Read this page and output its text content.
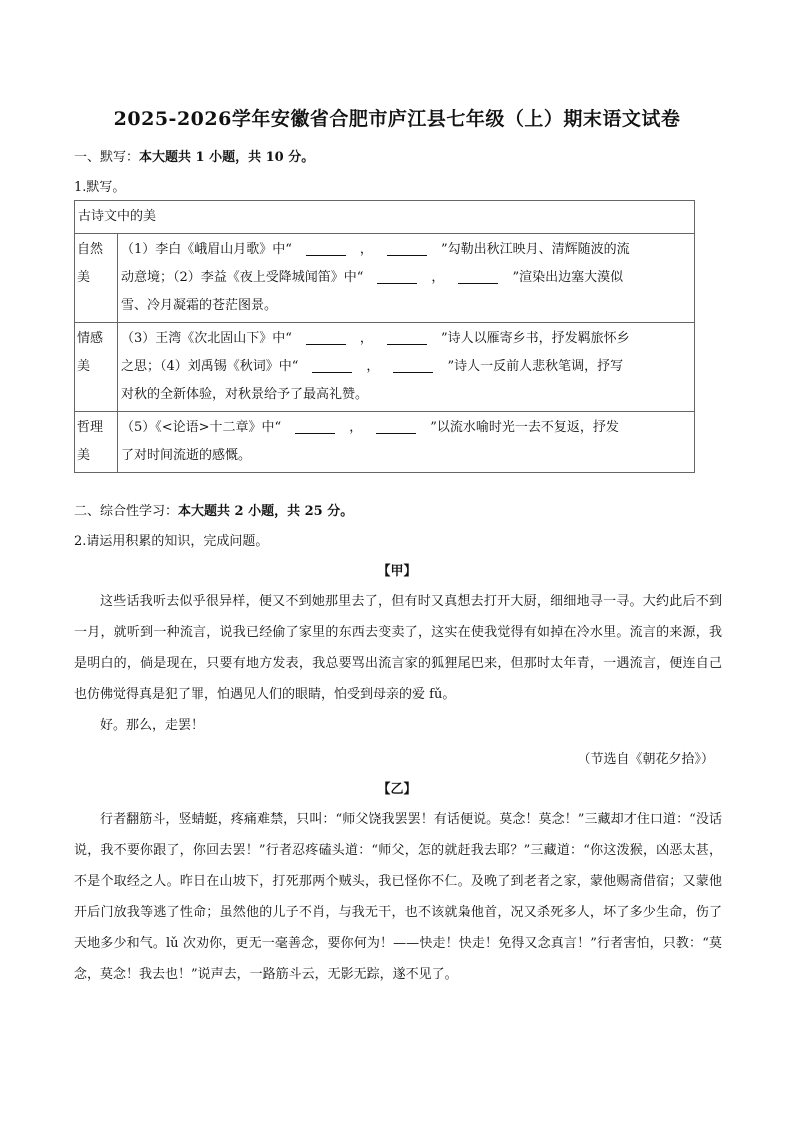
2025-2026学年安徽省合肥市庐江县七年级（上）期末语文试卷
一、默写：本大题共 1 小题，共 10 分。
1.默写。
古诗文中的美	
自然美	（1）李白《峨眉山月歌》中“ ， ”勾勒出秋江映月、清辉随波的流
动意境；（2）李益《夜上受降城闻笛》中“ ， ”渲染出边塞大漠似
雪、冷月凝霜的苍茫图景。

情感美	（3）王湾《次北固山下》中“ ， ”诗人以雁寄乡书，抒发羁旅怀乡
之思；（4）刘禹锡《秋词》中“ ， ”诗人一反前人悲秋笔调，抒写
对秋的全新体验，对秋景给予了最高礼赞。

哲理美	（5）《<论语>十二章》中“ ， ”以流水喻时光一去不复返，抒发
了对时间流逝的感慨。
二、综合性学习：本大题共 2 小题，共 25 分。
2.请运用积累的知识，完成问题。
【甲】
这些话我听去似乎很异样，便又不到她那里去了，但有时又真想去打开大厨，细细地寻一寻。大约此后不到一月，就听到一种流言，说我已经偷了家里的东西去变卖了，这实在使我觉得有如掉在冷水里。流言的来源，我是明白的，倘是现在，只要有地方发表，我总要骂出流言家的狐狸尾巴来，但那时太年青，一遇流言，便连自己也仿佛觉得真是犯了罪，怕遇见人们的眼睛，怕受到母亲的爱 fǔ。
好。那么，走罢！
（节选自《朝花夕拾》）
【乙】
行者翻筋斗，竖蜻蜓，疼痛难禁，只叫：“师父饶我罢罢！有话便说。莫念！莫念！”三藏却才住口道：“没话说，我不要你跟了，你回去罢！”行者忍疼磕头道：“师父，怎的就赶我去耶？”三藏道：“你这泼猴，凶恶太甚，不是个取经之人。昨日在山坡下，打死那两个贼头，我已怪你不仁。及晚了到老者之家，蒙他赐斋借宿；又蒙他开后门放我等逃了性命；虽然他的儿子不肖，与我无干，也不该就枭他首，况又杀死多人，坏了多少生命，伤了天地多少和气。lǔ 次劝你，更无一毫善念，要你何为！——快走！快走！免得又念真言！”行者害怕，只教：“莫念，莫念！我去也！”说声去，一路筋斗云，无影无踪，遂不见了。
